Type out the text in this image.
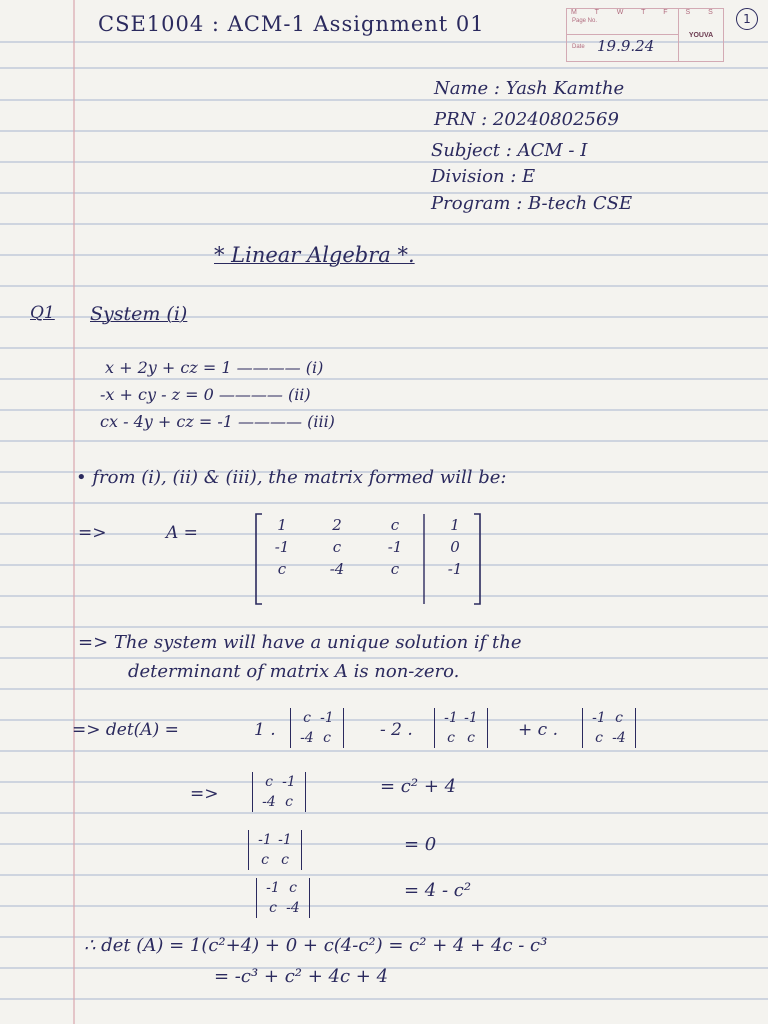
CSE1004 : ACM-1 Assignment 01	M T W T F S S
Page No.
Date 19.9.24
YOUVA
1
Name : Yash Kamthe
PRN : 20240802569
Subject : ACM - I
Division : E
Program : B-tech CSE
* Linear Algebra *.
Q1 System (i)
x + 2y + cz = 1 ———— (i)
-x + cy - z = 0 ———— (ii)
cx - 4y + cz = -1 ———— (iii)
• from (i), (ii) & (iii), the matrix formed will be:
=>	A =	1	2	c	1
-1	c	-1	0
c	-4	c	-1
=> The system will have a unique solution if the
determinant of matrix A is non-zero.
=> det(A) =	1 .
c -1
-4 c	- 2 .
-1 -1
c c	+ c .
-1 c
c -4
=>
c -1
-4 c
= c² + 4
-1 -1
c c
= 0
-1 c
c -4
= 4 - c²
∴ det (A) = 1(c²+4) + 0 + c(4-c²) = c² + 4 + 4c - c³
= -c³ + c² + 4c + 4
